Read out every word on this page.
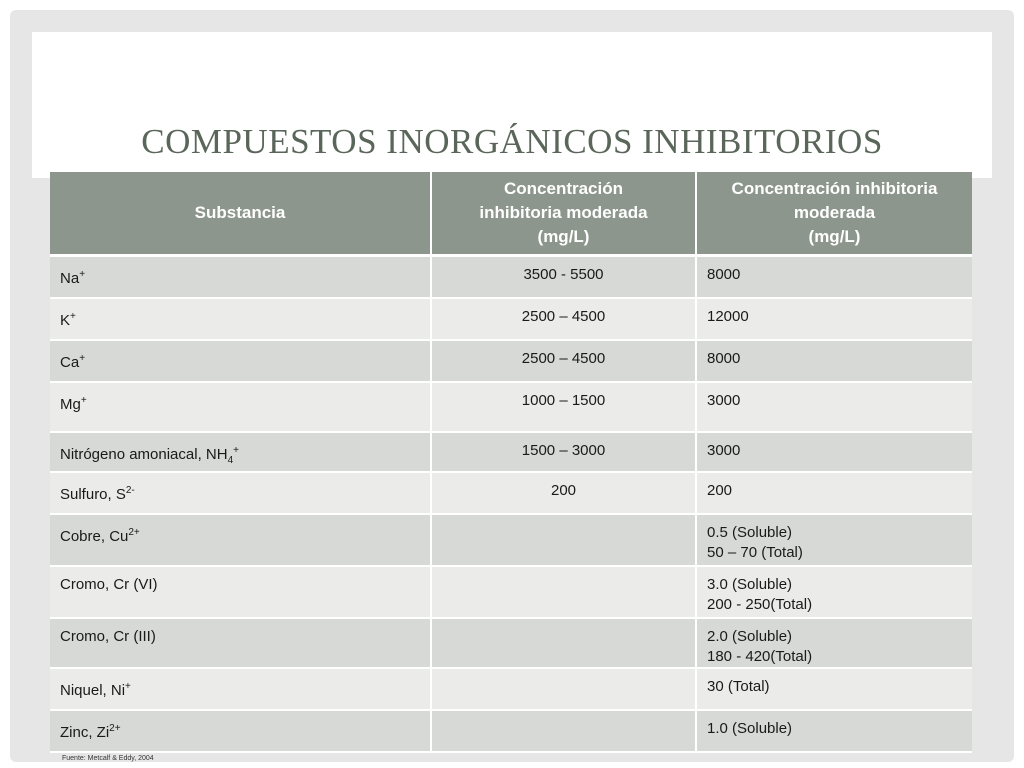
COMPUESTOS INORGÁNICOS INHIBITORIOS
Substancia	Concentración
inhibitoria moderada
(mg/L)	Concentración inhibitoria
moderada
(mg/L)
Na+	3500 - 5500	8000
K+	2500 – 4500	12000
Ca+	2500 – 4500	8000
Mg+	1000 – 1500	3000
Nitrógeno amoniacal, $NH_4^+$	1500 – 3000	3000
Sulfuro, $S^{2-}$	200	200
Cobre, $Cu^{2+}$		0.5 (Soluble)
50 – 70 (Total)
Cromo, Cr (VI)		3.0 (Soluble)
200 - 250(Total)
Cromo, Cr (III)		2.0 (Soluble)
180 - 420(Total)
Niquel, Ni+		30 (Total)
Zinc, $Zi^{2+}$		1.0 (Soluble)
Fuente: Metcalf & Eddy, 2004
